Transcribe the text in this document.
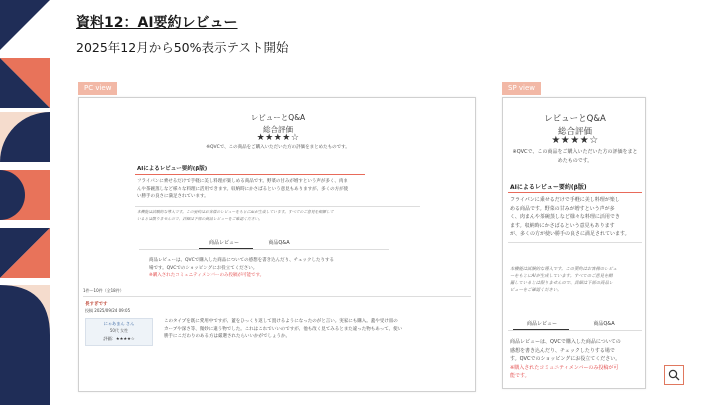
資料12：AI要約レビュー
2025年12月から50%表示テスト開始
PC view
レビューとQ&A
総合評価
★★★★☆
※QVCで、この商品をご購入いただいた方の評価をまとめたものです。
AIによるレビュー要約(β版)
フライパンに乗せるだけで手軽に美し料理が楽しめる商品です。野菜の甘みが増すという声が多く、肉ま
んや茶碗蒸しなど様々な料理に活用できます。収納時にかさばるという意見もありますが、多くの方が使
い勝手の良さに満足されています。
本機能は試験的な導入です。この要約はお客様のレビューをもとにAIが生成しています。すべてのご意見を網羅して
いるとは限りませんので、詳細は下部の商品レビューをご確認ください。
商品レビュー	商品Q&A
商品レビューは、QVCで購入した商品についての感想を書き込んだり、チェックしたりする
場です。QVCでのショッピングにお役立てください。
※購入されたコミュニティメンバーのみ投稿が可能です。
1件〜10件（全18件）
長すぎです
投稿 2025/09/24 09:05
にゃあまん さん
50代 女性
評価：★★★★☆
このタイプを既に愛用中ですが、蓋をひっくり返して置けるようになったのがと言い。実家にも購入。蓋や受け皿の
カーブや深さ等、微妙に違う物でした。これはこれでいいのですが、他も改く見てみるとまた違った物もあって、使い
勝手にこだわりのある方は厳選されたらいいかがでしょうか。
SP view
レビューとQ&A
総合評価
★★★★☆
※QVCで、この商品をご購入いただいた方の評価をまと
めたものです。
AIによるレビュー要約(β版)
フライパンに乗せるだけで手軽に美し料理が楽し
める商品です。野菜の甘みが増すという声が多
く、肉まんや茶碗蒸しなど様々な料理に活用でき
ます。収納時にかさばるという意見もあります
が、多くの方が使い勝手の良さに満足されています。
本機能は試験的な導入です。この要約はお客様のレビュ
ーをもとにAIが生成しています。すべてのご意見を網
羅しているとは限りませんので、詳細は下部の商品レ
ビューをご確認ください。
商品レビュー	商品Q&A
商品レビューは、QVCで購入した商品についての
感想を書き込んだり、チェックしたりする場で
す。QVCでのショッピングにお役立てください。
※購入されたコミュニティメンバーのみ投稿が可
能です。
